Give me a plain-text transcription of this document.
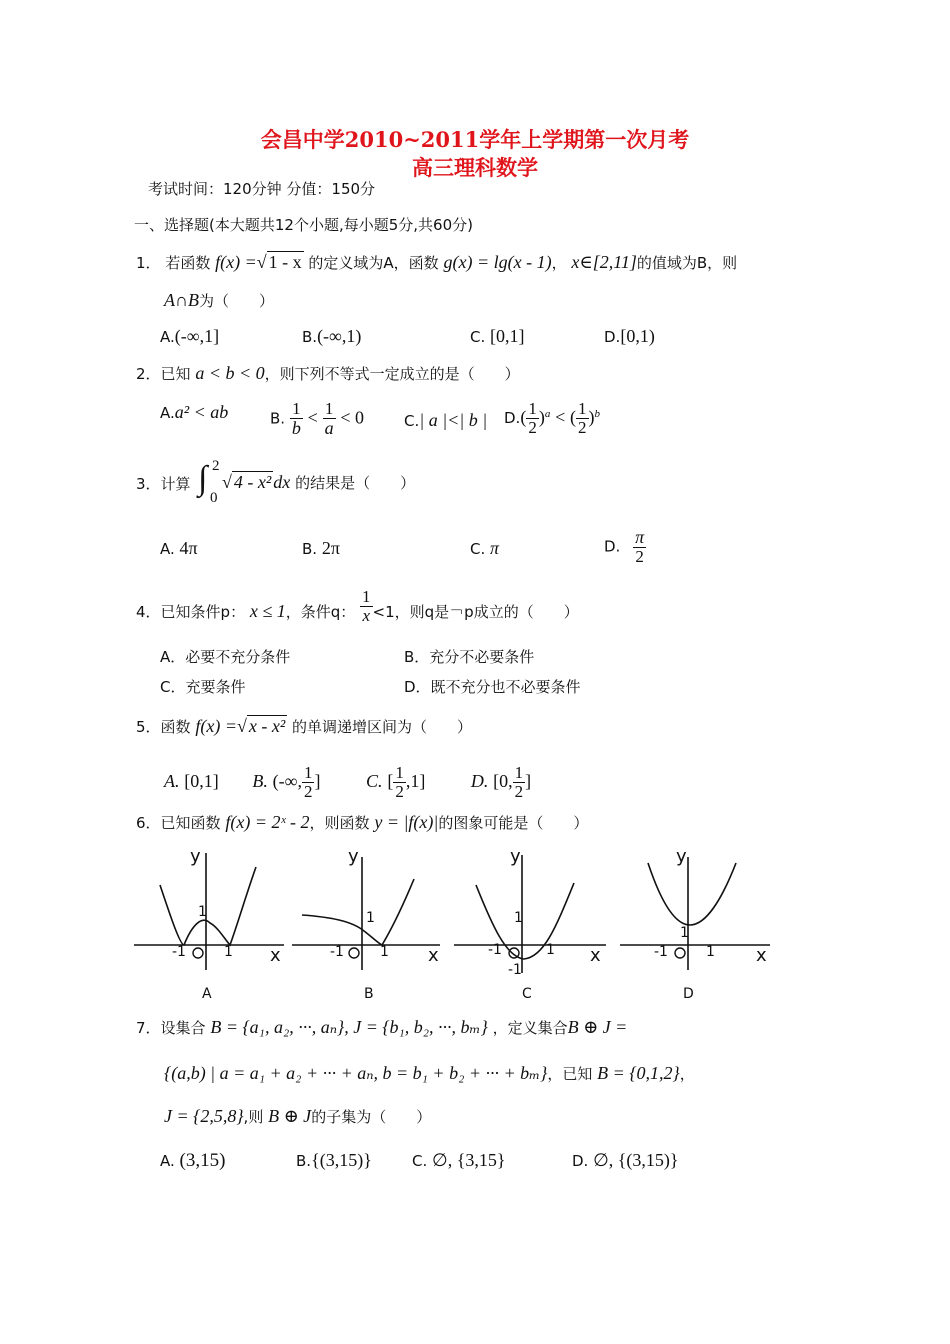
会昌中学2010~2011学年上学期第一次月考
高三理科数学
考试时间：120分钟 分值：150分
一、选择题(本大题共12个小题,每小题5分,共60分)
1． 若函数 f(x) =√ 1 - x 的定义域为A，函数 g(x) = lg(x - 1)， x∈[2,11]的值域为B，则
A∩B为（　　）
A.(-∞,1]	B.(-∞,1)	C. [0,1]	D.[0,1)
2．已知 a < b < 0，则下列不等式一定成立的是（　　）
A.a² < ab	B. $\frac{1}{b} < \frac{1}{a} < 0$	C.| a |<| b | $D.( \frac{1}{2} )^a$ < ( $\frac{1}{2} )^b$
3．计算 ∫ 2
0
√ 4 - x² dx 的结果是（　　）
A. 4π	B. 2π	C. π	D. $\frac{\pi}{2}$
4．已知条件p： x ≤ 1，条件q： $\frac{1}{x} <1$，则q是￢p成立的（　　）
A．必要不充分条件	B．充分不必要条件
C．充要条件	D．既不充分也不必要条件
5．函数 f(x) =√ x - x² 的单调递增区间为（　　）
A. [0,1] B. (-∞, $\frac{1}{2}$ ]	C. [ $\frac{1}{2} ,1$]	D. [0, $\frac{1}{2}$ ]
6．已知函数 f(x) = 2ˣ - 2，则函数 y = |f(x)|的图象可能是（　　）
y
x
-1	1
1
A
y
x
-1	1
1
B
y
x
-1	1
1
-1
C
y
x
-1	1
1
D
7．设集合 B = {a₁, a₂, ···, aₙ}, J = {b₁, b₂, ···, bₘ} ，定义集合B ⊕ J =
{(a,b) | a = a₁ + a₂ + ··· + aₙ, b = b₁ + b₂ + ··· + bₘ}，已知 B = {0,1,2}，
J = {2,5,8},则 B ⊕ J的子集为（　　）
A. (3,15)	B.{(3,15)}	C. ∅, {3,15}	D. ∅, {(3,15)}
